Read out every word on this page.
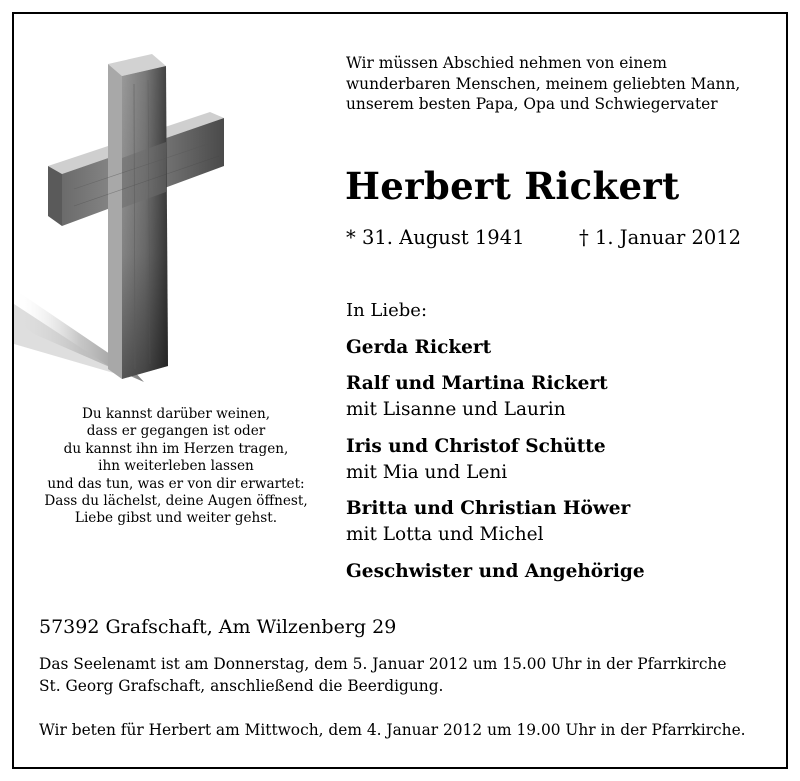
Du kannst darüber weinen,
dass er gegangen ist oder
du kannst ihn im Herzen tragen,
ihn weiterleben lassen
und das tun, was er von dir erwartet:
Dass du lächelst, deine Augen öffnest,
Liebe gibst und weiter gehst.
Wir müssen Abschied nehmen von einem
wunderbaren Menschen, meinem geliebten Mann,
unserem besten Papa, Opa und Schwiegervater
Herbert Rickert
* 31. August 1941	† 1. Januar 2012
In Liebe:
Gerda Rickert
Ralf und Martina Rickert
mit Lisanne und Laurin
Iris und Christof Schütte
mit Mia und Leni
Britta und Christian Höwer
mit Lotta und Michel
Geschwister und Angehörige
57392 Grafschaft, Am Wilzenberg 29
Das Seelenamt ist am Donnerstag, dem 5. Januar 2012 um 15.00 Uhr in der Pfarrkirche
St. Georg Grafschaft, anschließend die Beerdigung.
Wir beten für Herbert am Mittwoch, dem 4. Januar 2012 um 19.00 Uhr in der Pfarrkirche.
